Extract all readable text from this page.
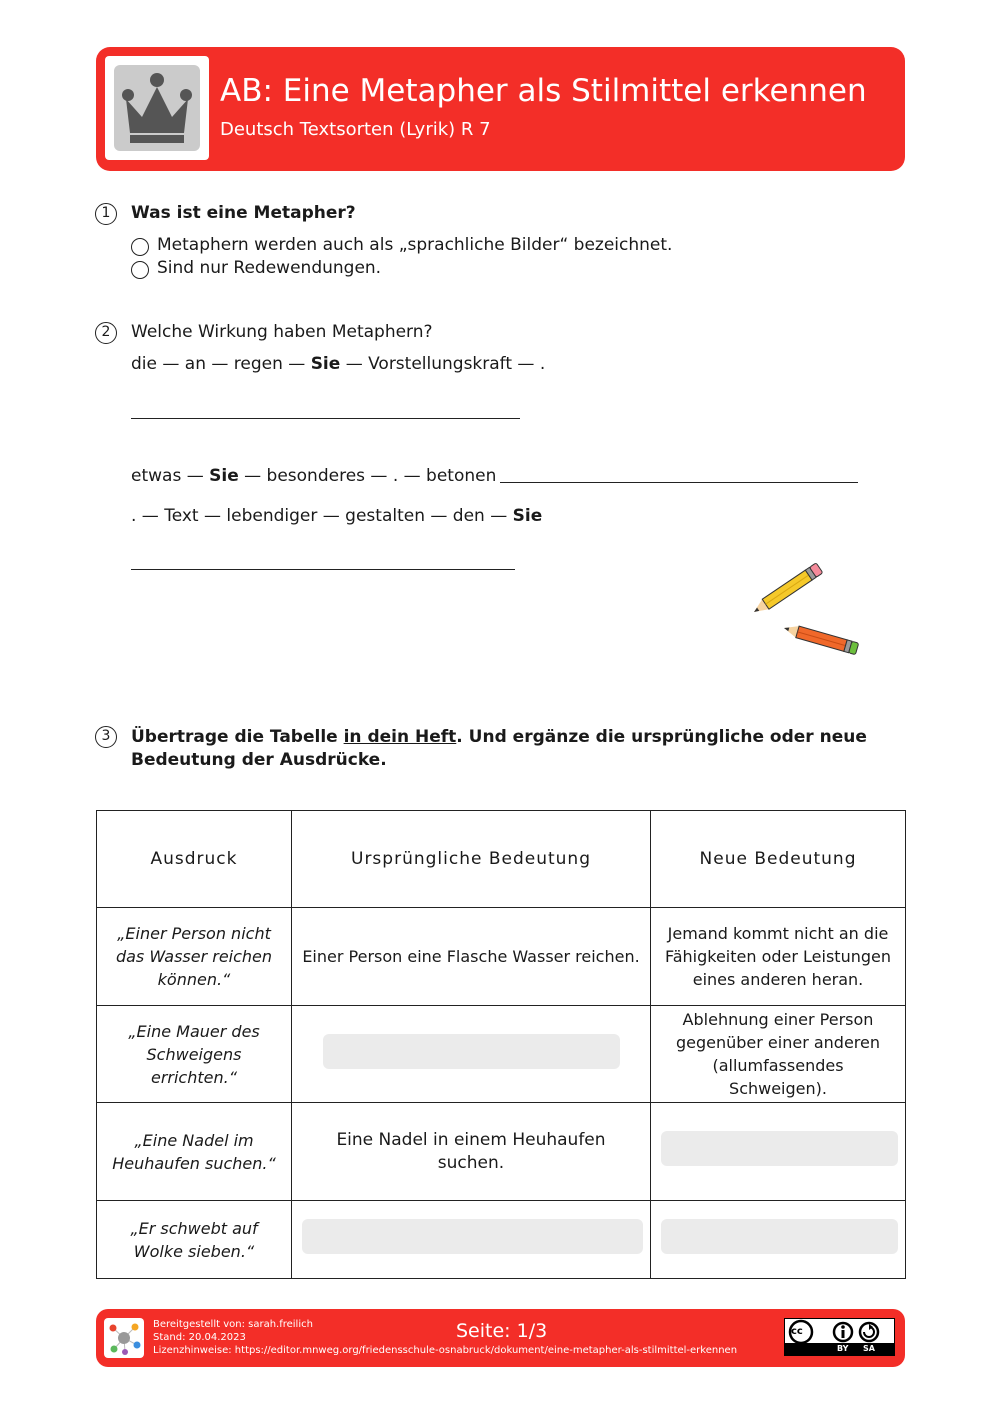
AB: Eine Metapher als Stilmittel erkennen
Deutsch Textsorten (Lyrik) R 7
1	Was ist eine Metapher?
Metaphern werden auch als „sprachliche Bilder“ bezeichnet.
Sind nur Redewendungen.
2	Welche Wirkung haben Metaphern?
die — an — regen — Sie — Vorstellungskraft — .
etwas — Sie — besonderes — . — betonen
. — Text — lebendiger — gestalten — den — Sie
3	Übertrage die Tabelle in dein Heft. Und ergänze die ursprüngliche oder neue Bedeutung der Ausdrücke.
Ausdruck	Ursprüngliche Bedeutung	Neue Bedeutung
„Einer Person nicht das Wasser reichen können.“	Einer Person eine Flasche Wasser reichen.	Jemand kommt nicht an die Fähigkeiten oder Leistungen eines anderen heran.
„Eine Mauer des Schweigens errichten.“		Ablehnung einer Person gegenüber einer anderen (allumfassendes Schweigen).
„Eine Nadel im Heuhaufen suchen.“	Eine Nadel in einem Heuhaufen suchen.	
„Er schwebt auf Wolke sieben.“		
Bereitgestellt von: sarah.freilich
Stand: 20.04.2023
Lizenzhinweise: https://editor.mnweg.org/friedensschule-osnabruck/dokument/eine-metapher-als-stilmittel-erkennen
Seite: 1/3	cc
BY SA
